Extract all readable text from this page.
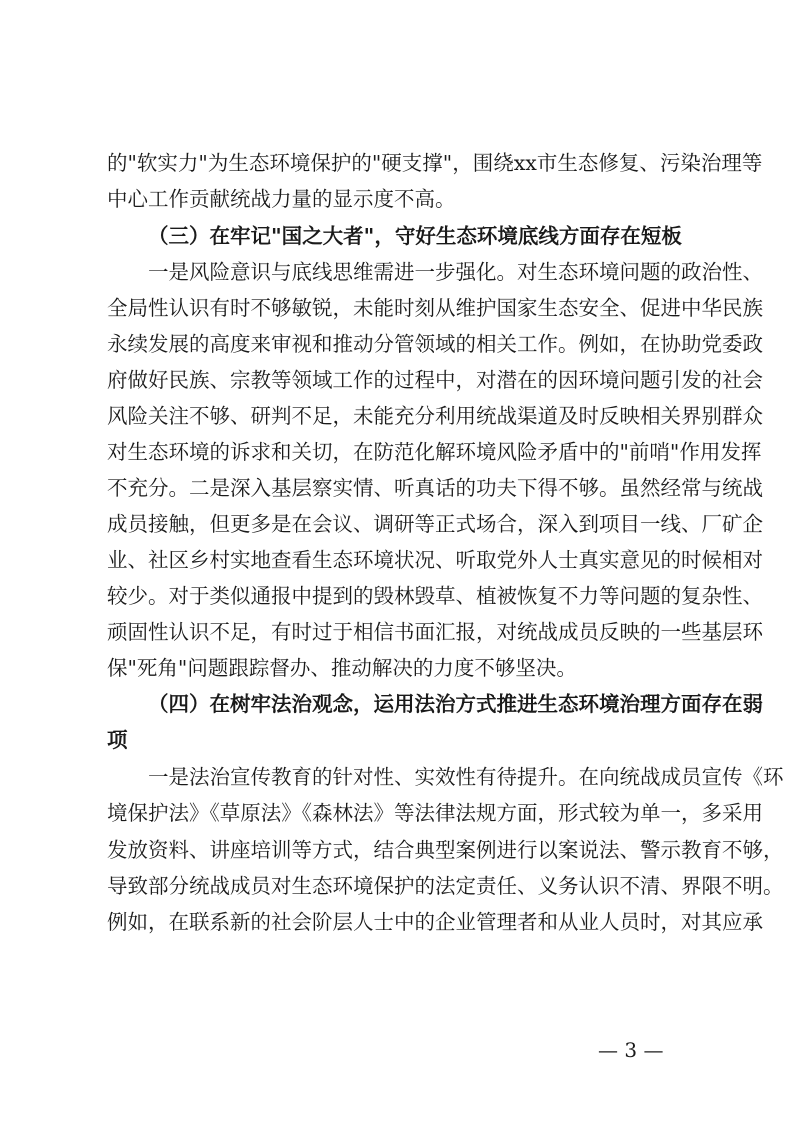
的"软实力"为生态环境保护的"硬支撑"，围绕xx市生态修复、污染治理等
中心工作贡献统战力量的显示度不高。
（三）在牢记"国之大者"，守好生态环境底线方面存在短板
一是风险意识与底线思维需进一步强化。对生态环境问题的政治性、
全局性认识有时不够敏锐，未能时刻从维护国家生态安全、促进中华民族
永续发展的高度来审视和推动分管领域的相关工作。例如，在协助党委政
府做好民族、宗教等领域工作的过程中，对潜在的因环境问题引发的社会
风险关注不够、研判不足，未能充分利用统战渠道及时反映相关界别群众
对生态环境的诉求和关切，在防范化解环境风险矛盾中的"前哨"作用发挥
不充分。二是深入基层察实情、听真话的功夫下得不够。虽然经常与统战
成员接触，但更多是在会议、调研等正式场合，深入到项目一线、厂矿企
业、社区乡村实地查看生态环境状况、听取党外人士真实意见的时候相对
较少。对于类似通报中提到的毁林毁草、植被恢复不力等问题的复杂性、
顽固性认识不足，有时过于相信书面汇报，对统战成员反映的一些基层环
保"死角"问题跟踪督办、推动解决的力度不够坚决。
（四）在树牢法治观念，运用法治方式推进生态环境治理方面存在弱
项
一是法治宣传教育的针对性、实效性有待提升。在向统战成员宣传《环
境保护法》《草原法》《森林法》等法律法规方面，形式较为单一，多采用
发放资料、讲座培训等方式，结合典型案例进行以案说法、警示教育不够，
导致部分统战成员对生态环境保护的法定责任、义务认识不清、界限不明。
例如，在联系新的社会阶层人士中的企业管理者和从业人员时，对其应承
— 3 —
